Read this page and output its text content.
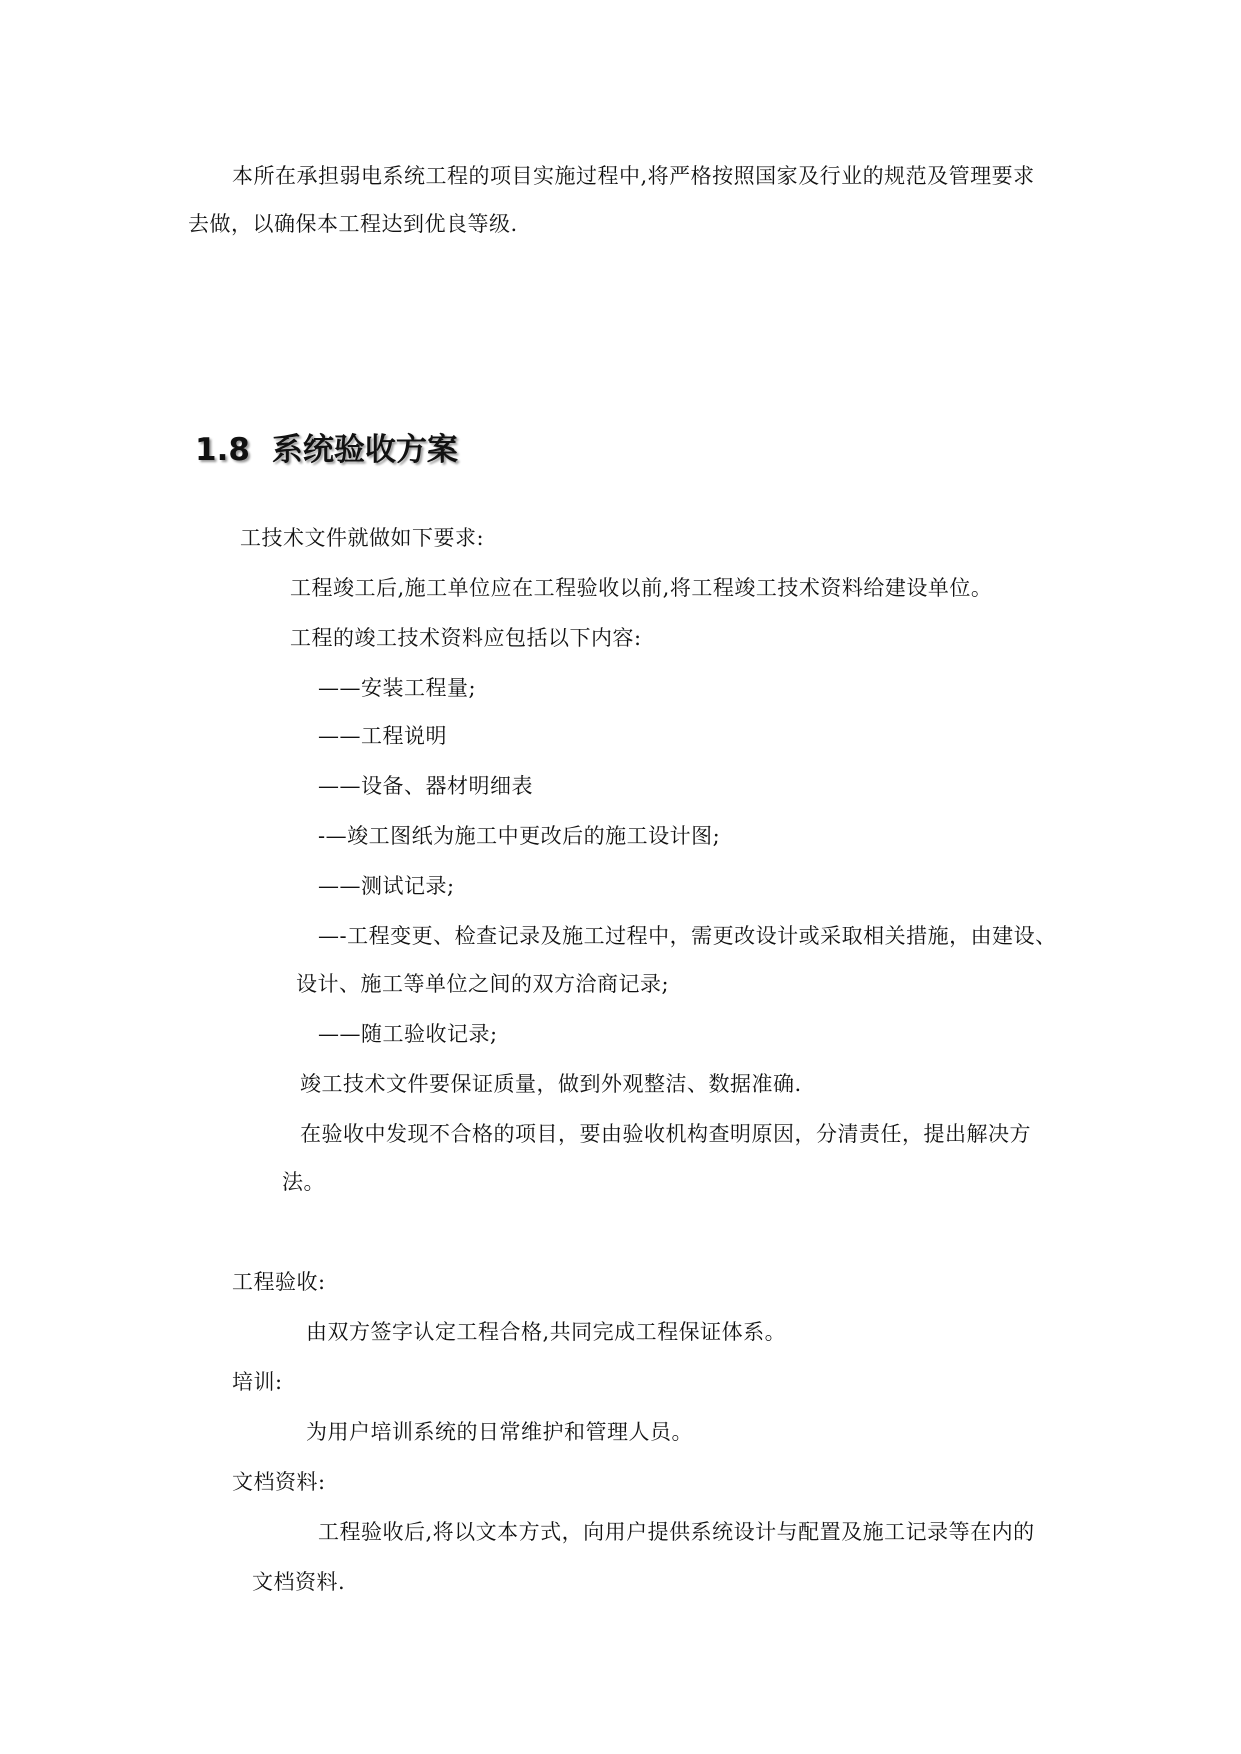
本所在承担弱电系统工程的项目实施过程中,将严格按照国家及行业的规范及管理要求

去做，以确保本工程达到优良等级.

1.8 系统验收方案

工技术文件就做如下要求:

工程竣工后,施工单位应在工程验收以前,将工程竣工技术资料给建设单位。

工程的竣工技术资料应包括以下内容:

——安装工程量;

——工程说明

——设备、器材明细表

-—竣工图纸为施工中更改后的施工设计图;

——测试记录;

—-工程变更、检查记录及施工过程中，需更改设计或采取相关措施，由建设、

设计、施工等单位之间的双方洽商记录;

——随工验收记录;

竣工技术文件要保证质量，做到外观整洁、数据准确.

在验收中发现不合格的项目，要由验收机构查明原因，分清责任，提出解决方

法。

工程验收:

由双方签字认定工程合格,共同完成工程保证体系。

培训:

为用户培训系统的日常维护和管理人员。

文档资料:

工程验收后,将以文本方式，向用户提供系统设计与配置及施工记录等在内的

文档资料.
